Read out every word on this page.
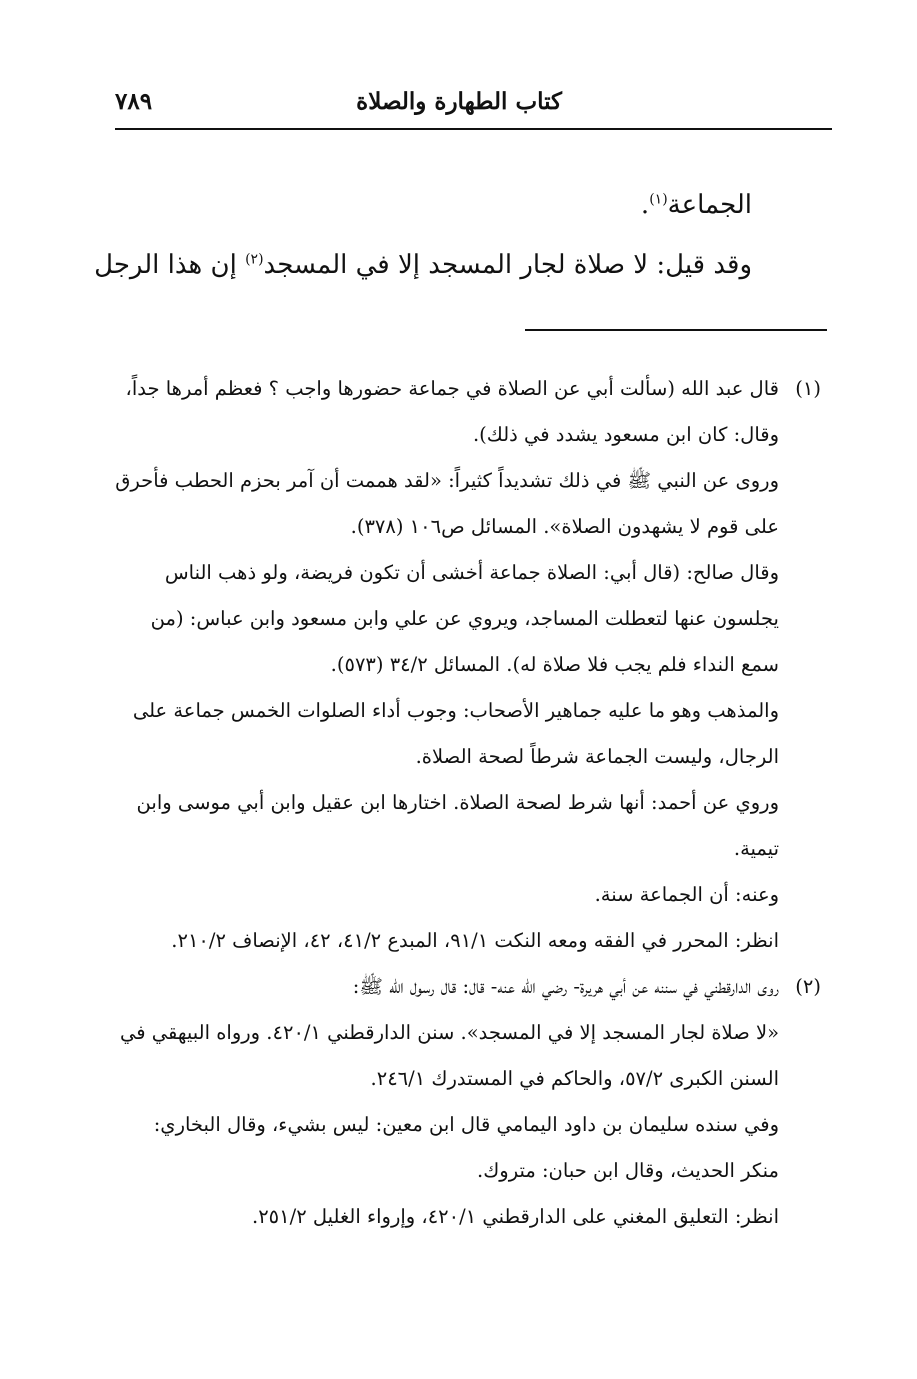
كتاب الطهارة والصلاة
٧٨٩

الجماعة$^{(١)}$.

وقد قيل: لا صلاة لجار المسجد إلا في المسجد$^{(٢)}$ إن هذا الرجل

(١)
قال عبد الله (سألت أبي عن الصلاة في جماعة حضورها واجب ؟ فعظم أمرها جداً،

وقال: كان ابن مسعود يشدد في ذلك).

وروى عن النبي ﷺ في ذلك تشديداً كثيراً: «لقد هممت أن آمر بحزم الحطب فأحرق

على قوم لا يشهدون الصلاة». المسائل ص١٠٦ (٣٧٨).

وقال صالح: (قال أبي: الصلاة جماعة أخشى أن تكون فريضة، ولو ذهب الناس

يجلسون عنها لتعطلت المساجد، ويروي عن علي وابن مسعود وابن عباس: (من

سمع النداء فلم يجب فلا صلاة له). المسائل ٣٤/٢ (٥٧٣).

والمذهب وهو ما عليه جماهير الأصحاب: وجوب أداء الصلوات الخمس جماعة على

الرجال، وليست الجماعة شرطاً لصحة الصلاة.

وروي عن أحمد: أنها شرط لصحة الصلاة. اختارها ابن عقيل وابن أبي موسى وابن

تيمية.

وعنه: أن الجماعة سنة.

انظر: المحرر في الفقه ومعه النكت ٩١/١، المبدع ٤١/٢، ٤٢، الإنصاف ٢١٠/٢.

(٢)
روى الدارقطني في سننه عن أبي هريرة- رضي الله عنه- قال: قال رسول الله ﷺ:

«لا صلاة لجار المسجد إلا في المسجد». سنن الدارقطني ٤٢٠/١. ورواه البيهقي في

السنن الكبرى ٥٧/٢، والحاكم في المستدرك ٢٤٦/١.

وفي سنده سليمان بن داود اليمامي قال ابن معين: ليس بشيء، وقال البخاري:

منكر الحديث، وقال ابن حبان: متروك.

انظر: التعليق المغني على الدارقطني ٤٢٠/١، وإرواء الغليل ٢٥١/٢.
